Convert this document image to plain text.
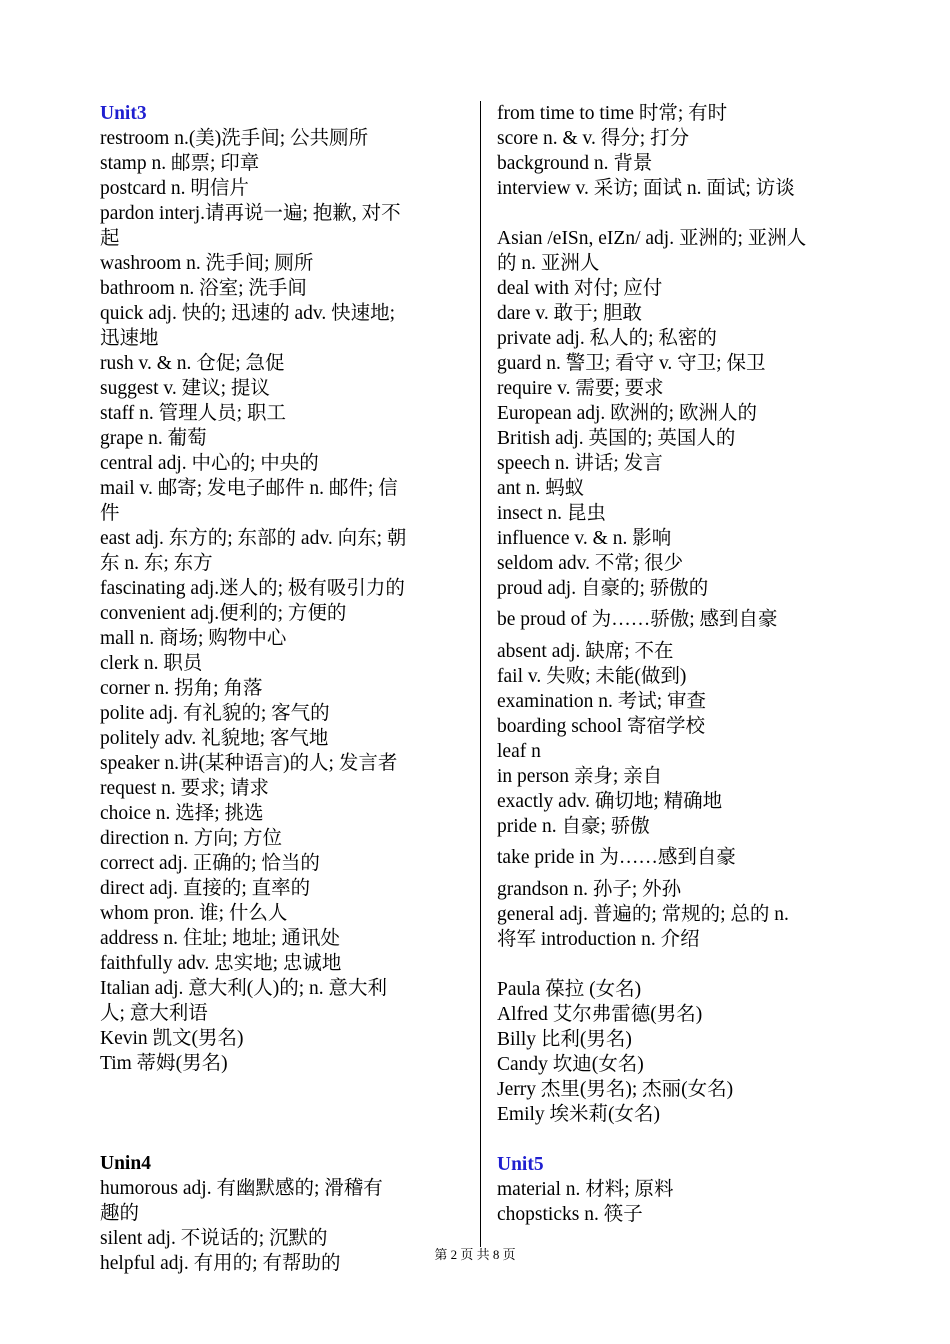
Unit3
restroom n.(美)洗手间; 公共厕所
stamp n. 邮票; 印章
postcard n. 明信片
pardon interj.请再说一遍; 抱歉, 对不
起
washroom n. 洗手间; 厕所
bathroom n. 浴室; 洗手间
quick adj. 快的; 迅速的 adv. 快速地;
迅速地
rush v. & n. 仓促; 急促
suggest v. 建议; 提议
staff n. 管理人员; 职工
grape n. 葡萄
central adj. 中心的; 中央的
mail v. 邮寄; 发电子邮件 n. 邮件; 信
件
east adj. 东方的; 东部的 adv. 向东; 朝
东 n. 东; 东方
fascinating adj.迷人的; 极有吸引力的
convenient adj.便利的; 方便的
mall n. 商场; 购物中心
clerk n. 职员
corner n. 拐角; 角落
polite adj. 有礼貌的; 客气的
politely adv. 礼貌地; 客气地
speaker n.讲(某种语言)的人; 发言者
request n. 要求; 请求
choice n. 选择; 挑选
direction n. 方向; 方位
correct adj. 正确的; 恰当的
direct adj. 直接的; 直率的
whom pron. 谁; 什么人
address n. 住址; 地址; 通讯处
faithfully adv. 忠实地; 忠诚地
Italian adj. 意大利(人)的; n. 意大利
人; 意大利语
Kevin 凯文(男名)
Tim 蒂姆(男名)
Unin4
humorous adj. 有幽默感的; 滑稽有
趣的
silent adj. 不说话的; 沉默的
helpful adj. 有用的; 有帮助的
from time to time 时常; 有时
score n. & v. 得分; 打分
background n. 背景
interview v. 采访; 面试 n. 面试; 访谈
Asian /eISn, eIZn/ adj. 亚洲的; 亚洲人
的 n. 亚洲人
deal with 对付; 应付
dare v. 敢于; 胆敢
private adj. 私人的; 私密的
guard n. 警卫; 看守 v. 守卫; 保卫
require v. 需要; 要求
European adj. 欧洲的; 欧洲人的
British adj. 英国的; 英国人的
speech n. 讲话; 发言
ant n. 蚂蚁
insect n. 昆虫
influence v. & n. 影响
seldom adv. 不常; 很少
proud adj. 自豪的; 骄傲的
be proud of 为……骄傲; 感到自豪
absent adj. 缺席; 不在
fail v. 失败; 未能(做到)
examination n. 考试; 审查
boarding school 寄宿学校
leaf n
in person 亲身; 亲自
exactly adv. 确切地; 精确地
pride n. 自豪; 骄傲
take pride in 为……感到自豪
grandson n. 孙子; 外孙
general adj. 普遍的; 常规的; 总的 n.
将军 introduction n. 介绍
Paula 葆拉 (女名)
Alfred 艾尔弗雷德(男名)
Billy 比利(男名)
Candy 坎迪(女名)
Jerry 杰里(男名); 杰丽(女名)
Emily 埃米莉(女名)
Unit5
material n. 材料; 原料
chopsticks n. 筷子
第 2 页 共 8 页
